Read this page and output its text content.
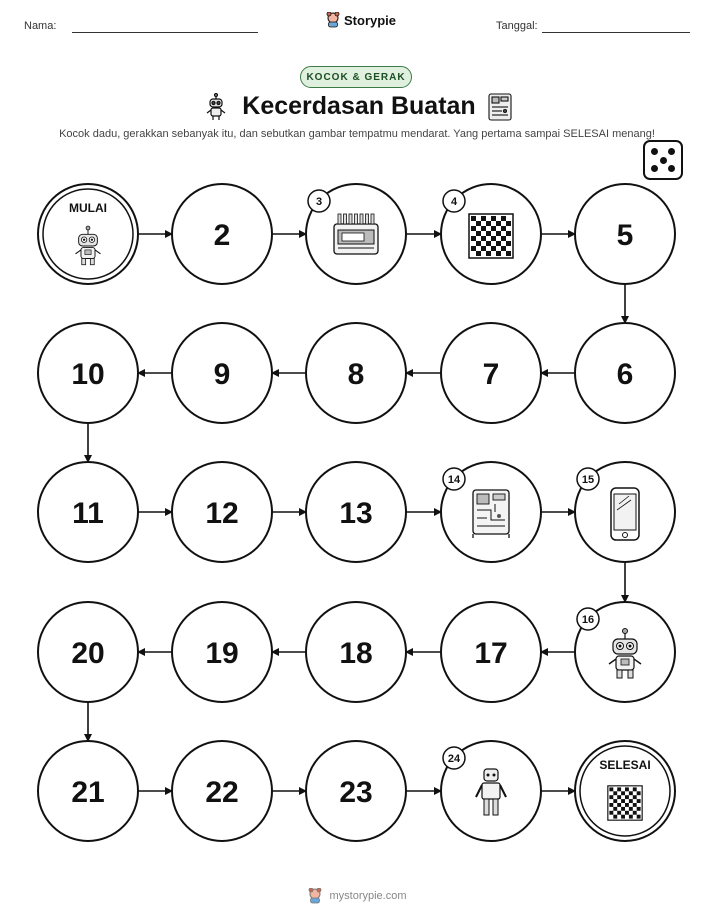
Nama:	Storypie	Tanggal:
KOCOK & GERAK
Kecerdasan Buatan
Kocok dadu, gerakkan sebanyak itu, dan sebutkan gambar tempatmu mendarat. Yang pertama sampai SELESAI menang!
MULAI
2
3	4
5
6
7
8
9
10
11	12	13
14	15
16
17
18
19
20
21	22	23
24	SELESAI
mystorypie.com
